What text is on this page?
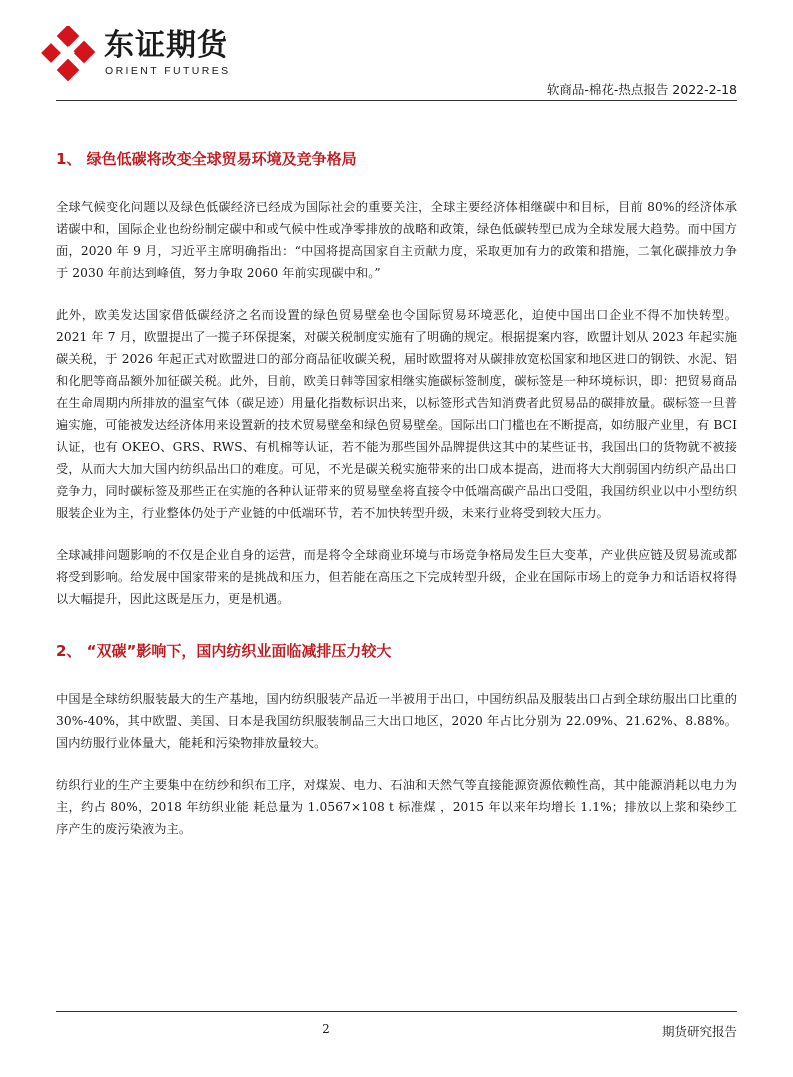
东证期货
ORIENT FUTURES
软商品-棉花-热点报告 2022-2-18
1、 绿色低碳将改变全球贸易环境及竞争格局

全球气候变化问题以及绿色低碳经济已经成为国际社会的重要关注，全球主要经济体相继碳中和目标，目前 80%的经济体承诺碳中和，国际企业也纷纷制定碳中和或气候中性或净零排放的战略和政策，绿色低碳转型已成为全球发展大趋势。而中国方面，2020 年 9 月，习近平主席明确指出：“中国将提高国家自主贡献力度，采取更加有力的政策和措施，二氧化碳排放力争于 2030 年前达到峰值，努力争取 2060 年前实现碳中和。”

此外，欧美发达国家借低碳经济之名而设置的绿色贸易壁垒也令国际贸易环境恶化，迫使中国出口企业不得不加快转型。2021 年 7 月，欧盟提出了一揽子环保提案，对碳关税制度实施有了明确的规定。根据提案内容，欧盟计划从 2023 年起实施碳关税，于 2026 年起正式对欧盟进口的部分商品征收碳关税，届时欧盟将对从碳排放宽松国家和地区进口的钢铁、水泥、铝和化肥等商品额外加征碳关税。此外，目前，欧美日韩等国家相继实施碳标签制度，碳标签是一种环境标识，即：把贸易商品在生命周期内所排放的温室气体（碳足迹）用量化指数标识出来，以标签形式告知消费者此贸易品的碳排放量。碳标签一旦普遍实施，可能被发达经济体用来设置新的技术贸易壁垒和绿色贸易壁垒。国际出口门槛也在不断提高，如纺服产业里，有 BCI 认证，也有 OKEO、GRS、RWS、有机棉等认证，若不能为那些国外品牌提供这其中的某些证书，我国出口的货物就不被接受，从而大大加大国内纺织品出口的难度。可见，不光是碳关税实施带来的出口成本提高，进而将大大削弱国内纺织产品出口竞争力，同时碳标签及那些正在实施的各种认证带来的贸易壁垒将直接令中低端高碳产品出口受阻，我国纺织业以中小型纺织服装企业为主，行业整体仍处于产业链的中低端环节，若不加快转型升级，未来行业将受到较大压力。

全球减排问题影响的不仅是企业自身的运营，而是将令全球商业环境与市场竞争格局发生巨大变革，产业供应链及贸易流或都将受到影响。给发展中国家带来的是挑战和压力，但若能在高压之下完成转型升级，企业在国际市场上的竞争力和话语权将得以大幅提升，因此这既是压力，更是机遇。

2、 “双碳”影响下，国内纺织业面临减排压力较大

中国是全球纺织服装最大的生产基地，国内纺织服装产品近一半被用于出口，中国纺织品及服装出口占到全球纺服出口比重的 30%-40%，其中欧盟、美国、日本是我国纺织服装制品三大出口地区，2020 年占比分别为 22.09%、21.62%、8.88%。国内纺服行业体量大，能耗和污染物排放量较大。

纺织行业的生产主要集中在纺纱和织布工序，对煤炭、电力、石油和天然气等直接能源资源依赖性高，其中能源消耗以电力为主，约占 80%，2018 年纺织业能 耗总量为 1.0567×108 t 标准煤 ，2015 年以来年均增长 1.1%；排放以上浆和染纱工序产生的废污染液为主。

2	期货研究报告
